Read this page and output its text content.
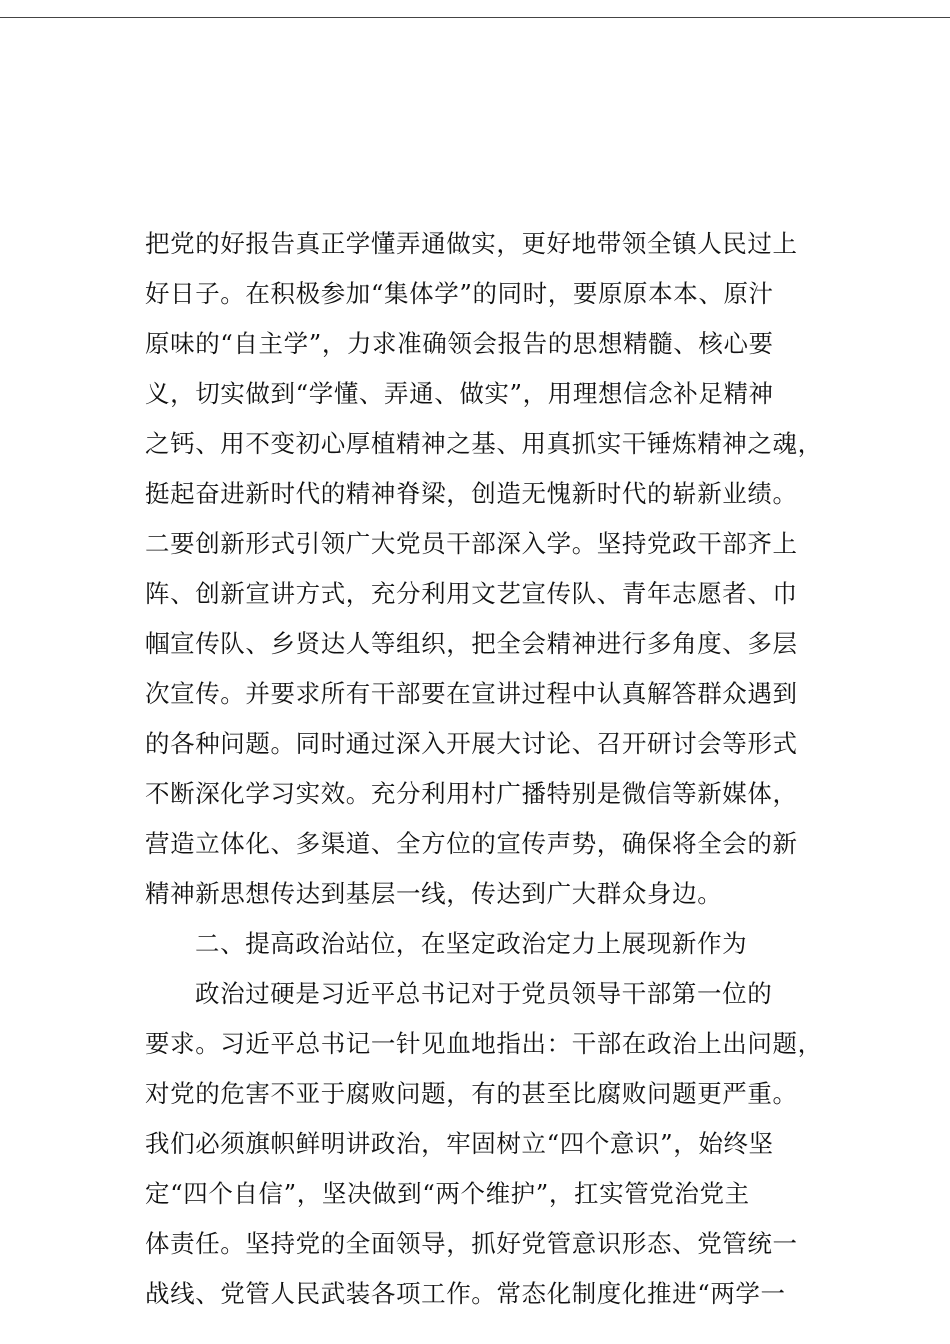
把党的好报告真正学懂弄通做实，更好地带领全镇人民过上
好日子。在积极参加“集体学”的同时，要原原本本、原汁
原味的“自主学”，力求准确领会报告的思想精髓、核心要
义，切实做到“学懂、弄通、做实”，用理想信念补足精神
之钙、用不变初心厚植精神之基、用真抓实干锤炼精神之魂，
挺起奋进新时代的精神脊梁，创造无愧新时代的崭新业绩。
二要创新形式引领广大党员干部深入学。坚持党政干部齐上
阵、创新宣讲方式，充分利用文艺宣传队、青年志愿者、巾
帼宣传队、乡贤达人等组织，把全会精神进行多角度、多层
次宣传。并要求所有干部要在宣讲过程中认真解答群众遇到
的各种问题。同时通过深入开展大讨论、召开研讨会等形式
不断深化学习实效。充分利用村广播特别是微信等新媒体，
营造立体化、多渠道、全方位的宣传声势，确保将全会的新
精神新思想传达到基层一线，传达到广大群众身边。
二、提高政治站位，在坚定政治定力上展现新作为
政治过硬是习近平总书记对于党员领导干部第一位的
要求。习近平总书记一针见血地指出：干部在政治上出问题，
对党的危害不亚于腐败问题，有的甚至比腐败问题更严重。
我们必须旗帜鲜明讲政治，牢固树立“四个意识”，始终坚
定“四个自信”，坚决做到“两个维护”，扛实管党治党主
体责任。坚持党的全面领导，抓好党管意识形态、党管统一
战线、党管人民武装各项工作。常态化制度化推进“两学一
